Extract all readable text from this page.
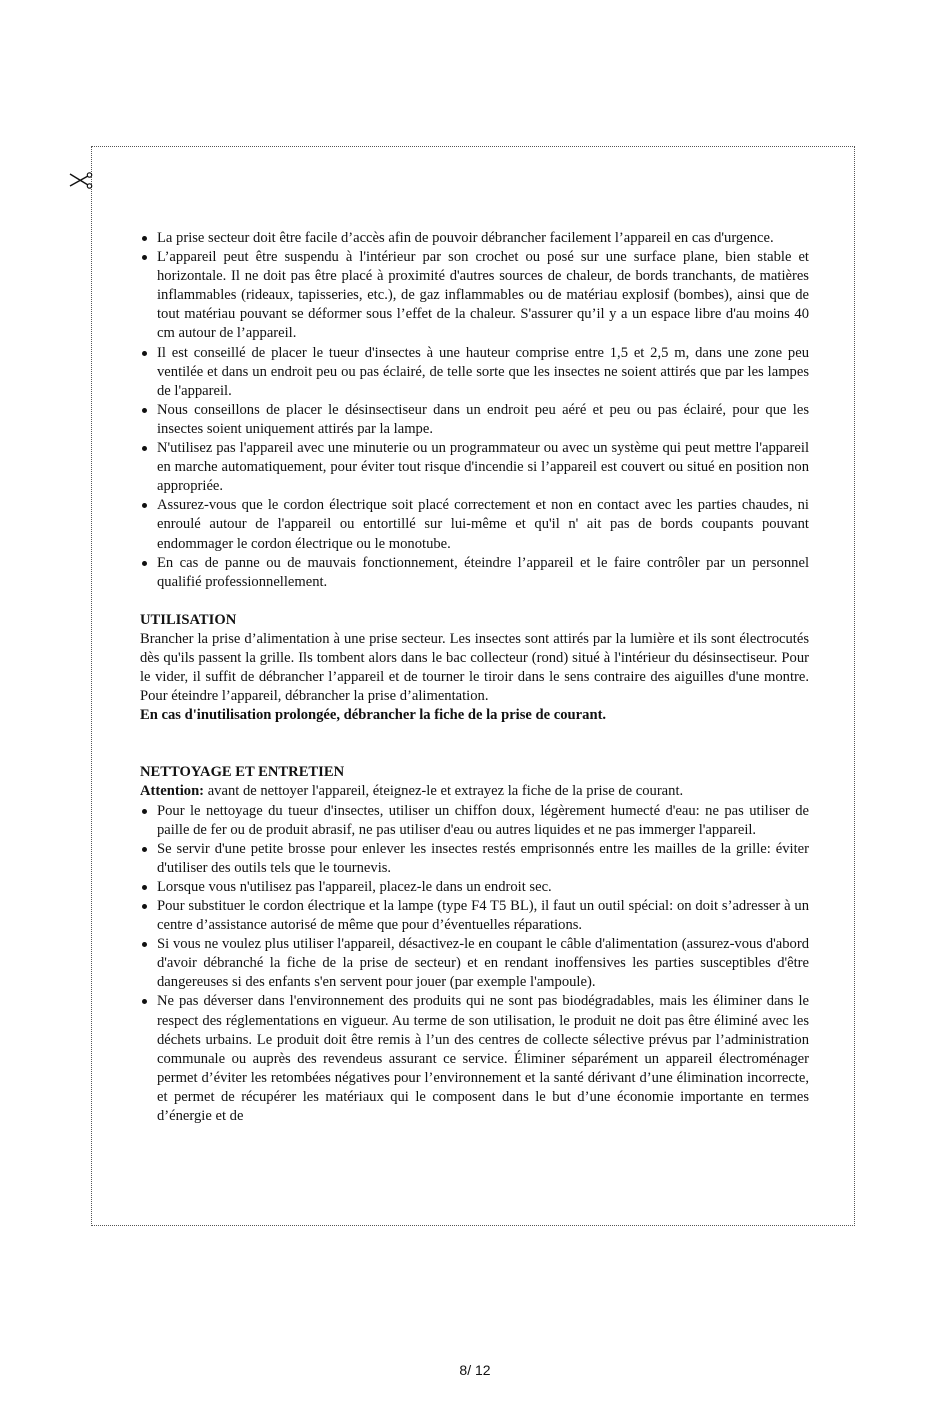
La prise secteur doit être facile d’accès afin de pouvoir débrancher facilement l’appareil en cas d'urgence.
L’appareil peut être suspendu à l'intérieur par son crochet ou posé sur une surface plane, bien stable et horizontale. Il ne doit pas être placé à proximité d'autres sources de chaleur, de bords tranchants, de matières inflammables (rideaux, tapisseries, etc.), de gaz inflammables ou de matériau explosif (bombes), ainsi que de tout matériau pouvant se déformer sous l’effet de la chaleur. S'assurer qu’il y a un espace libre d'au moins 40 cm autour de l’appareil.
Il est conseillé de placer le tueur d'insectes à une hauteur comprise entre 1,5 et 2,5 m, dans une zone peu ventilée et dans un endroit peu ou pas éclairé, de telle sorte que les insectes ne soient attirés que par les lampes de l'appareil.
Nous conseillons de placer le désinsectiseur dans un endroit peu aéré et peu ou pas éclairé, pour que les insectes soient uniquement attirés par la lampe.
N'utilisez pas l'appareil avec une minuterie ou un programmateur ou avec un système qui peut mettre l'appareil en marche automatiquement, pour éviter tout risque d'incendie si l’appareil est couvert ou situé en position non appropriée.
Assurez-vous que le cordon électrique soit placé correctement et non en contact avec les parties chaudes, ni enroulé autour de l'appareil ou entortillé sur lui-même et qu'il n' ait pas de bords coupants pouvant endommager le cordon électrique ou le monotube.
En cas de panne ou de mauvais fonctionnement, éteindre l’appareil et le faire contrôler par un personnel qualifié professionnellement.

UTILISATION

Brancher la prise d’alimentation à une prise secteur. Les insectes sont attirés par la lumière et ils sont électrocutés dès qu'ils passent la grille. Ils tombent alors dans le bac collecteur (rond) situé à l'intérieur du désinsectiseur. Pour le vider, il suffit de débrancher l’appareil et de tourner le tiroir dans le sens contraire des aiguilles d'une montre. Pour éteindre l’appareil, débrancher la prise d’alimentation.

En cas d'inutilisation prolongée, débrancher la fiche de la prise de courant.

NETTOYAGE ET ENTRETIEN

Attention: avant de nettoyer l'appareil, éteignez-le et extrayez la fiche de la prise de courant.

Pour le nettoyage du tueur d'insectes, utiliser un chiffon doux, légèrement humecté d'eau: ne pas utiliser de paille de fer ou de produit abrasif, ne pas utiliser d'eau ou autres liquides et ne pas immerger l'appareil.
Se servir d'une petite brosse pour enlever les insectes restés emprisonnés entre les mailles de la grille: éviter d'utiliser des outils tels que le tournevis.
Lorsque vous n'utilisez pas l'appareil, placez-le dans un endroit sec.
Pour substituer le cordon électrique et la lampe (type F4 T5 BL), il faut un outil spécial: on doit s’adresser à un centre d’assistance autorisé de même que pour d’éventuelles réparations.
Si vous ne voulez plus utiliser l'appareil, désactivez-le en coupant le câble d'alimentation (assurez-vous d'abord d'avoir débranché la fiche de la prise de secteur) et en rendant inoffensives les parties susceptibles d'être dangereuses si des enfants s'en servent pour jouer (par exemple l'ampoule).
Ne pas déverser dans l'environnement des produits qui ne sont pas biodégradables, mais les éliminer dans le respect des réglementations en vigueur. Au terme de son utilisation, le produit ne doit pas être éliminé avec les déchets urbains. Le produit doit être remis à l’un des centres de collecte sélective prévus par l’administration communale ou auprès des revendeus assurant ce service. Éliminer séparément un appareil électroménager permet d’éviter les retombées négatives pour l’environnement et la santé dérivant d’une élimination incorrecte, et permet de récupérer les matériaux qui le composent dans le but d’une économie importante en termes d’énergie et de
8/ 12
